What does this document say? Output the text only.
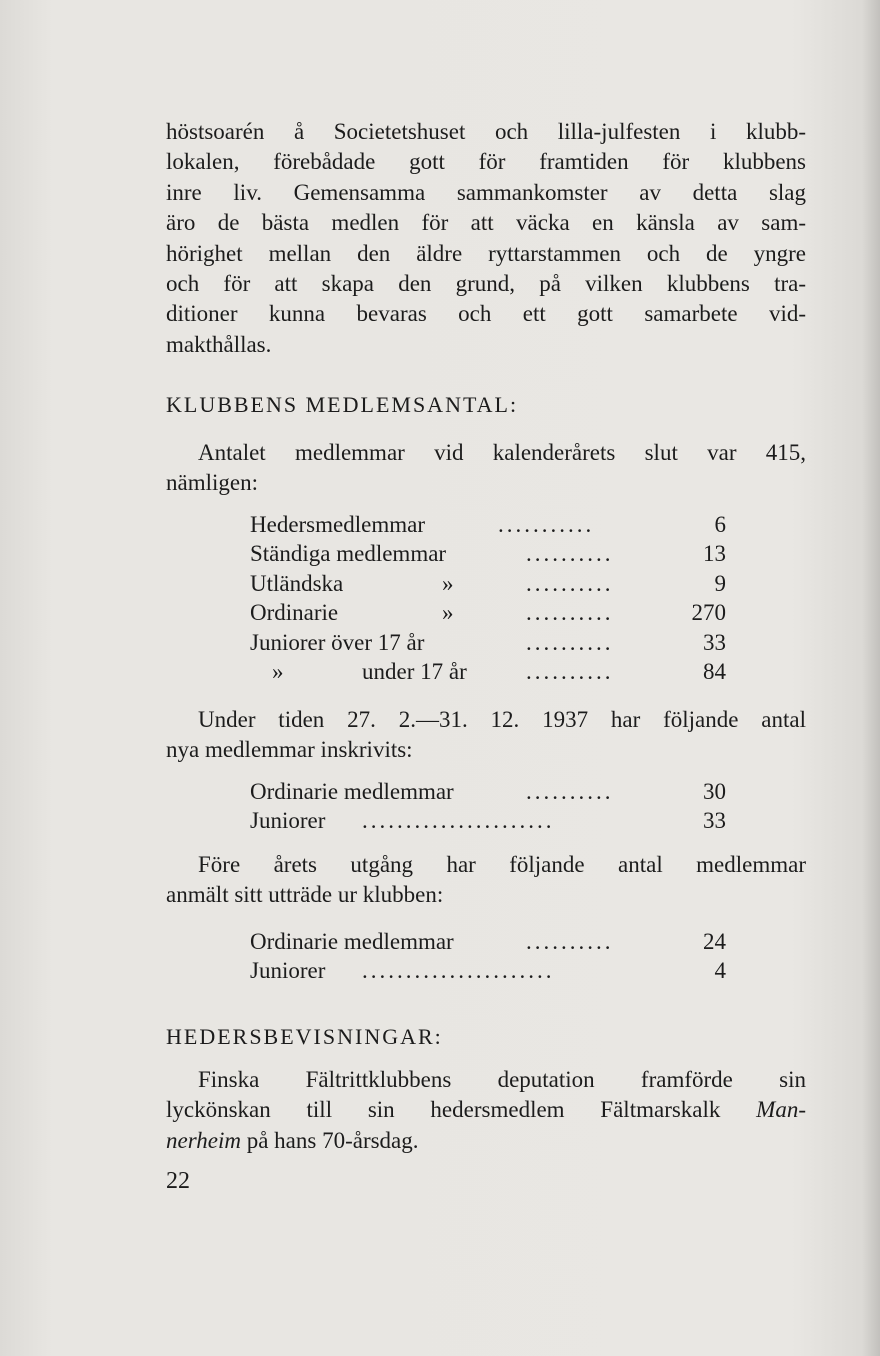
höstsoarén å Societetshuset och lilla-julfesten i klubb-
lokalen, förebådade gott för framtiden för klubbens
inre liv. Gemensamma sammankomster av detta slag
äro de bästa medlen för att väcka en känsla av sam-
hörighet mellan den äldre ryttarstammen och de yngre
och för att skapa den grund, på vilken klubbens tra-
ditioner kunna bevaras och ett gott samarbete vid-
makthållas.
KLUBBENS MEDLEMSANTAL:
Antalet medlemmar vid kalenderårets slut var 415,
nämligen:
Hedersmedlemmar	...........	6
Ständiga medlemmar	..........	13
Utländska	»	..........	9
Ordinarie	»	..........	270
Juniorer över 17 år	..........	33
»	under 17 år	..........	84
Under tiden 27. 2.—31. 12. 1937 har följande antal
nya medlemmar inskrivits:
Ordinarie medlemmar	..........	30
Juniorer ......................	33
Före årets utgång har följande antal medlemmar
anmält sitt utträde ur klubben:
Ordinarie medlemmar	..........	24
Juniorer ......................	4
HEDERSBEVISNINGAR:
Finska Fältrittklubbens deputation framförde sin
lyckönskan till sin hedersmedlem Fältmarskalk Man-
nerheim på hans 70-årsdag.
22
